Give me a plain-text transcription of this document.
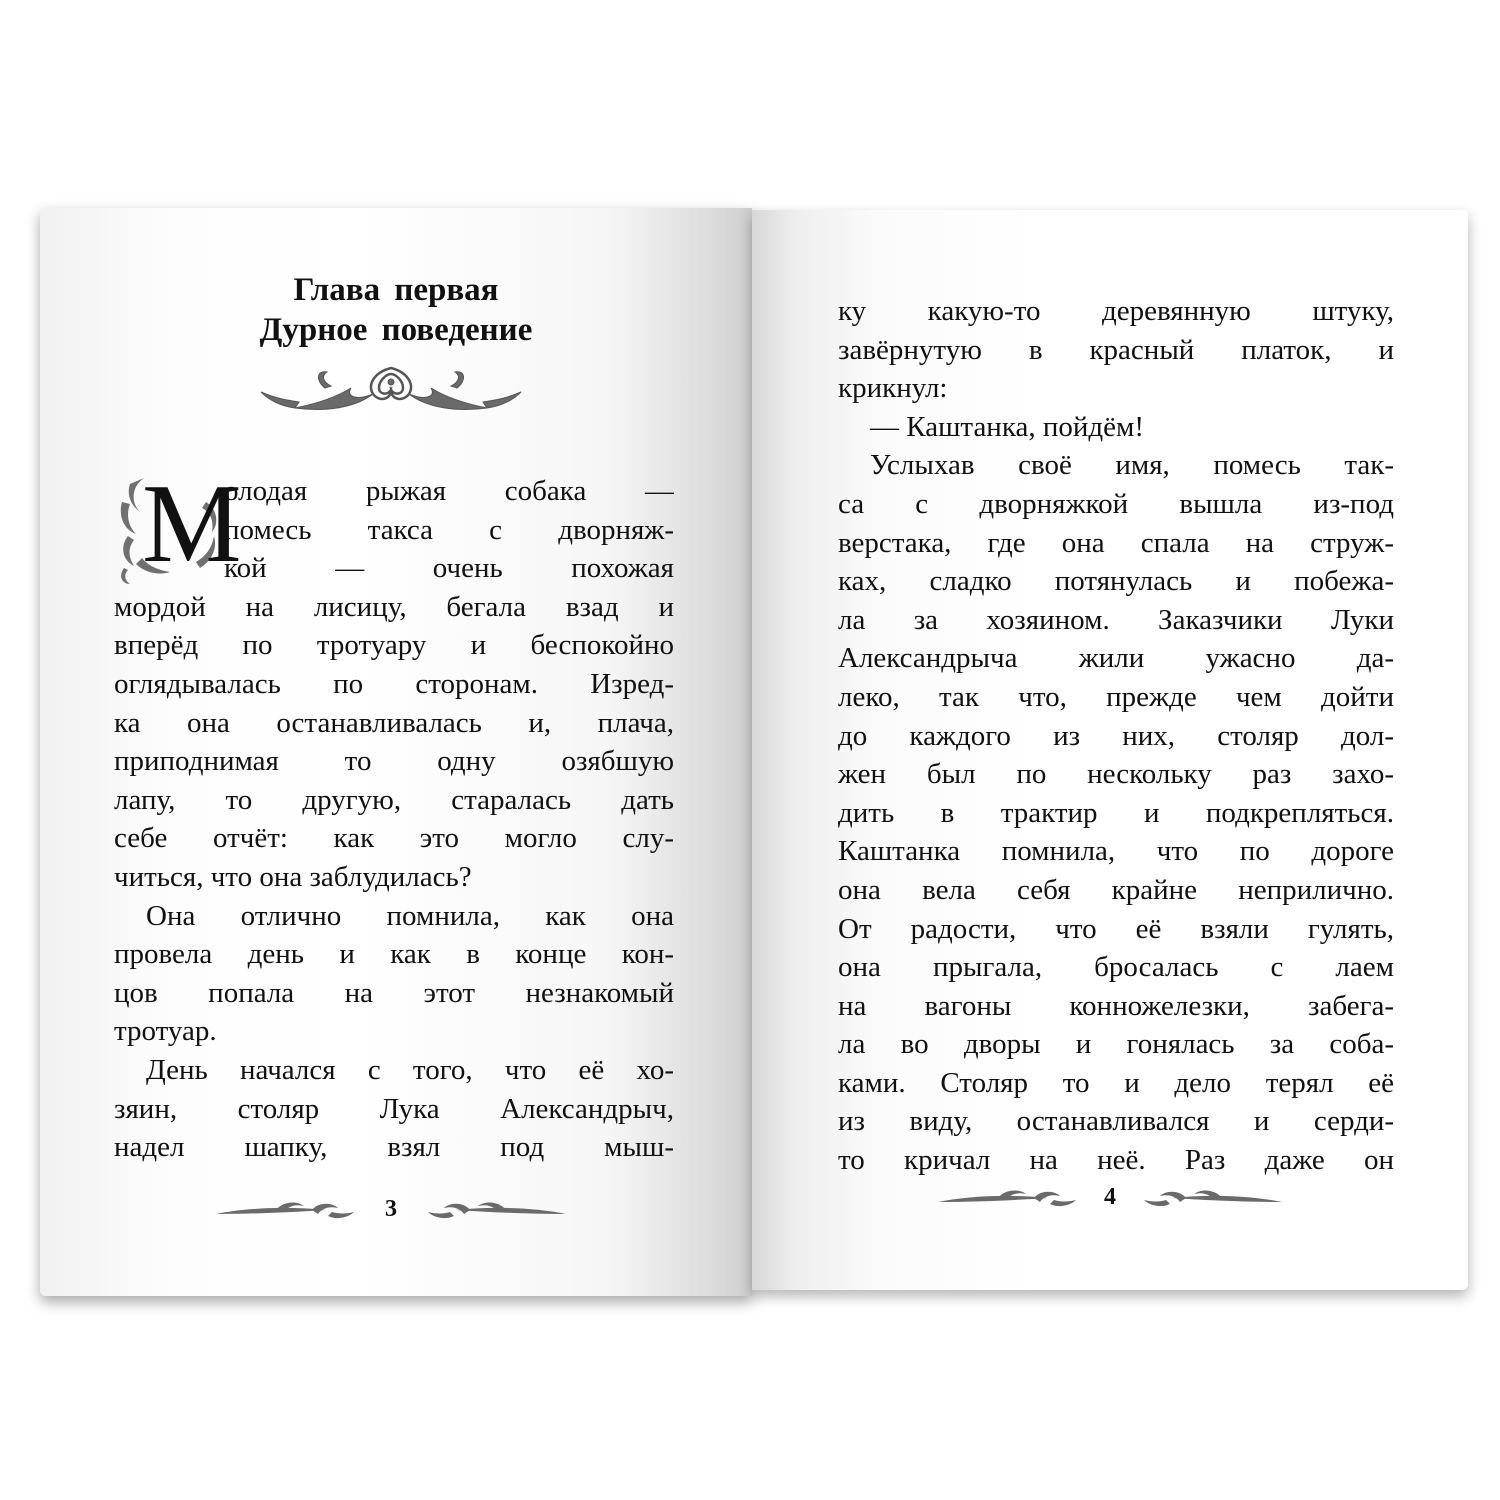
Глава первая
Дурное поведение
М
олодая рыжая собака —
помесь такса с дворняж-
кой — очень похожая
мордой на лисицу, бегала взад и
вперёд по тротуару и беспокойно
оглядывалась по сторонам. Изред-
ка она останавливалась и, плача,
приподнимая то одну озябшую
лапу, то другую, старалась дать
себе отчёт: как это могло слу-
читься, что она заблудилась?
Она отлично помнила, как она
провела день и как в конце кон-
цов попала на этот незнакомый
тротуар.
День начался с того, что её хо-
зяин, столяр Лука Александрыч,
надел шапку, взял под мыш-
3
ку какую-то деревянную штуку,
завёрнутую в красный платок, и
крикнул:
— Каштанка, пойдём!
Услыхав своё имя, помесь так-
са с дворняжкой вышла из-под
верстака, где она спала на струж-
ках, сладко потянулась и побежа-
ла за хозяином. Заказчики Луки
Александрыча жили ужасно да-
леко, так что, прежде чем дойти
до каждого из них, столяр дол-
жен был по нескольку раз захо-
дить в трактир и подкрепляться.
Каштанка помнила, что по дороге
она вела себя крайне неприлично.
От радости, что её взяли гулять,
она прыгала, бросалась с лаем
на вагоны конножелезки, забега-
ла во дворы и гонялась за соба-
ками. Столяр то и дело терял её
из виду, останавливался и серди-
то кричал на неё. Раз даже он
4
